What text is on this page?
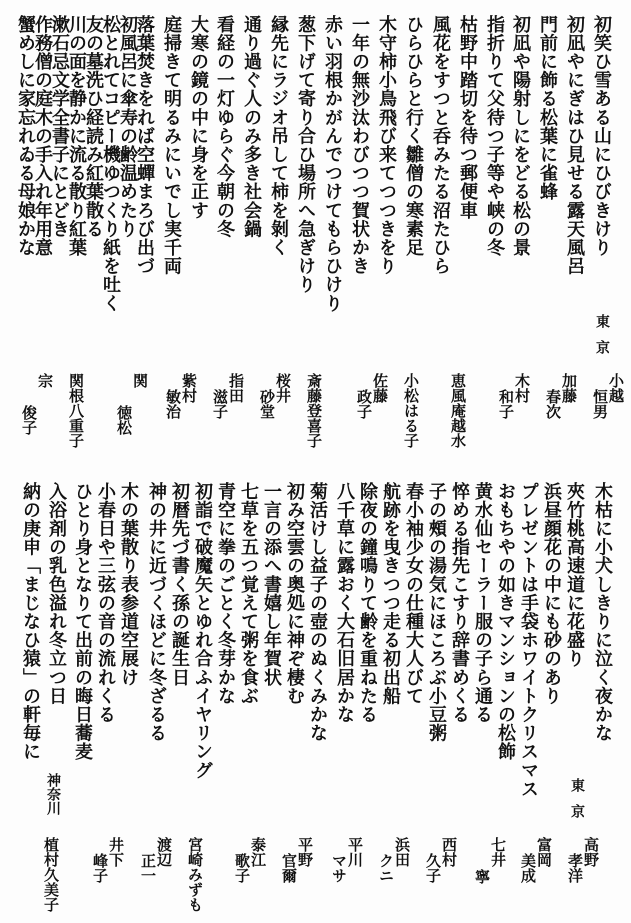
初笑ひ雪ある山にひびきけり
初凪やにぎはひ見せる露天風呂
門前に飾る松葉に雀蜂
初凪や陽射しにをどる松の景
指折りて父待つ子等や峡の冬
枯野中踏切を待つ郵便車
風花をすつと呑みたる沼たひら
ひらひらと行く雛僧の寒素足
木守柿小鳥飛び来てつつきをり
一年の無沙汰わびつつ賀状かき
赤い羽根かがんでつけてもらひけり
葱下げて寄り合ひ場所へ急ぎけり
縁先にラジオ吊して柿を剝く
通り過ぐ人のみ多き社会鍋
看経の一灯ゆらぐ今朝の冬
大寒の鏡の中に身を正す
庭掃きて明るみにいでし実千両
落葉焚きをれば空蟬まろび出づ
初風呂に傘寿の齢温めたり
松とれてコピー機ゆつくり紙を吐く
友の墓洗ひ経読み紅葉散る
川の面を静かに流る散り紅葉
漱石忌文学全書子にとどき
作務僧の庭木の手入れ年用意
蟹めしに家忘れゐる母娘かな
東京
小越
恒男
加藤
春次
木村
和子
恵風庵越水
小松はる子
佐藤
政子
斎藤登喜子
桜井
砂堂
指田
滋子
紫村
敏治
関
徳松
関根八重子
宗
俊子
木枯に小犬しきりに泣く夜かな
夾竹桃高速道に花盛り
浜昼顔花の中にも砂のあり
プレゼントは手袋ホワイトクリスマス
おもちやの如きマンションの松飾
黄水仙セーラー服の子ら通る
悴める指先こすり辞書めくる
子の頰の湯気にほころぶ小豆粥
春小袖少女の仕種大人びて
航跡を曳きつつ走る初出船
除夜の鐘鳴りて齢を重ねたる
八千草に露おく大石旧居かな
菊活けし益子の壺のぬくみかな
初み空雲の奥処に神ぞ棲む
一言の添へ書嬉し年賀状
七草を五つ覚えて粥を食ぶ
青空に拳のごとく冬芽かな
初詣で破魔矢とゆれ合ふイヤリング
初暦先づ書く孫の誕生日
神の井に近づくほどに冬ざるる
木の葉散り表参道空展け
小春日や三弦の音の流れくる
ひとり身となりて出前の晦日蕎麦
入浴剤の乳色溢れ冬立つ日
納の庚申「まじなひ猿」の軒毎に
東京
神奈川
高野
孝洋
富岡
美成
七井
寧
西村
久子
浜田
クニ
平川
マサ
平野
官爾
泰江
歌子
宮崎みずも
渡辺
正一
井下
峰子
植村久美子
